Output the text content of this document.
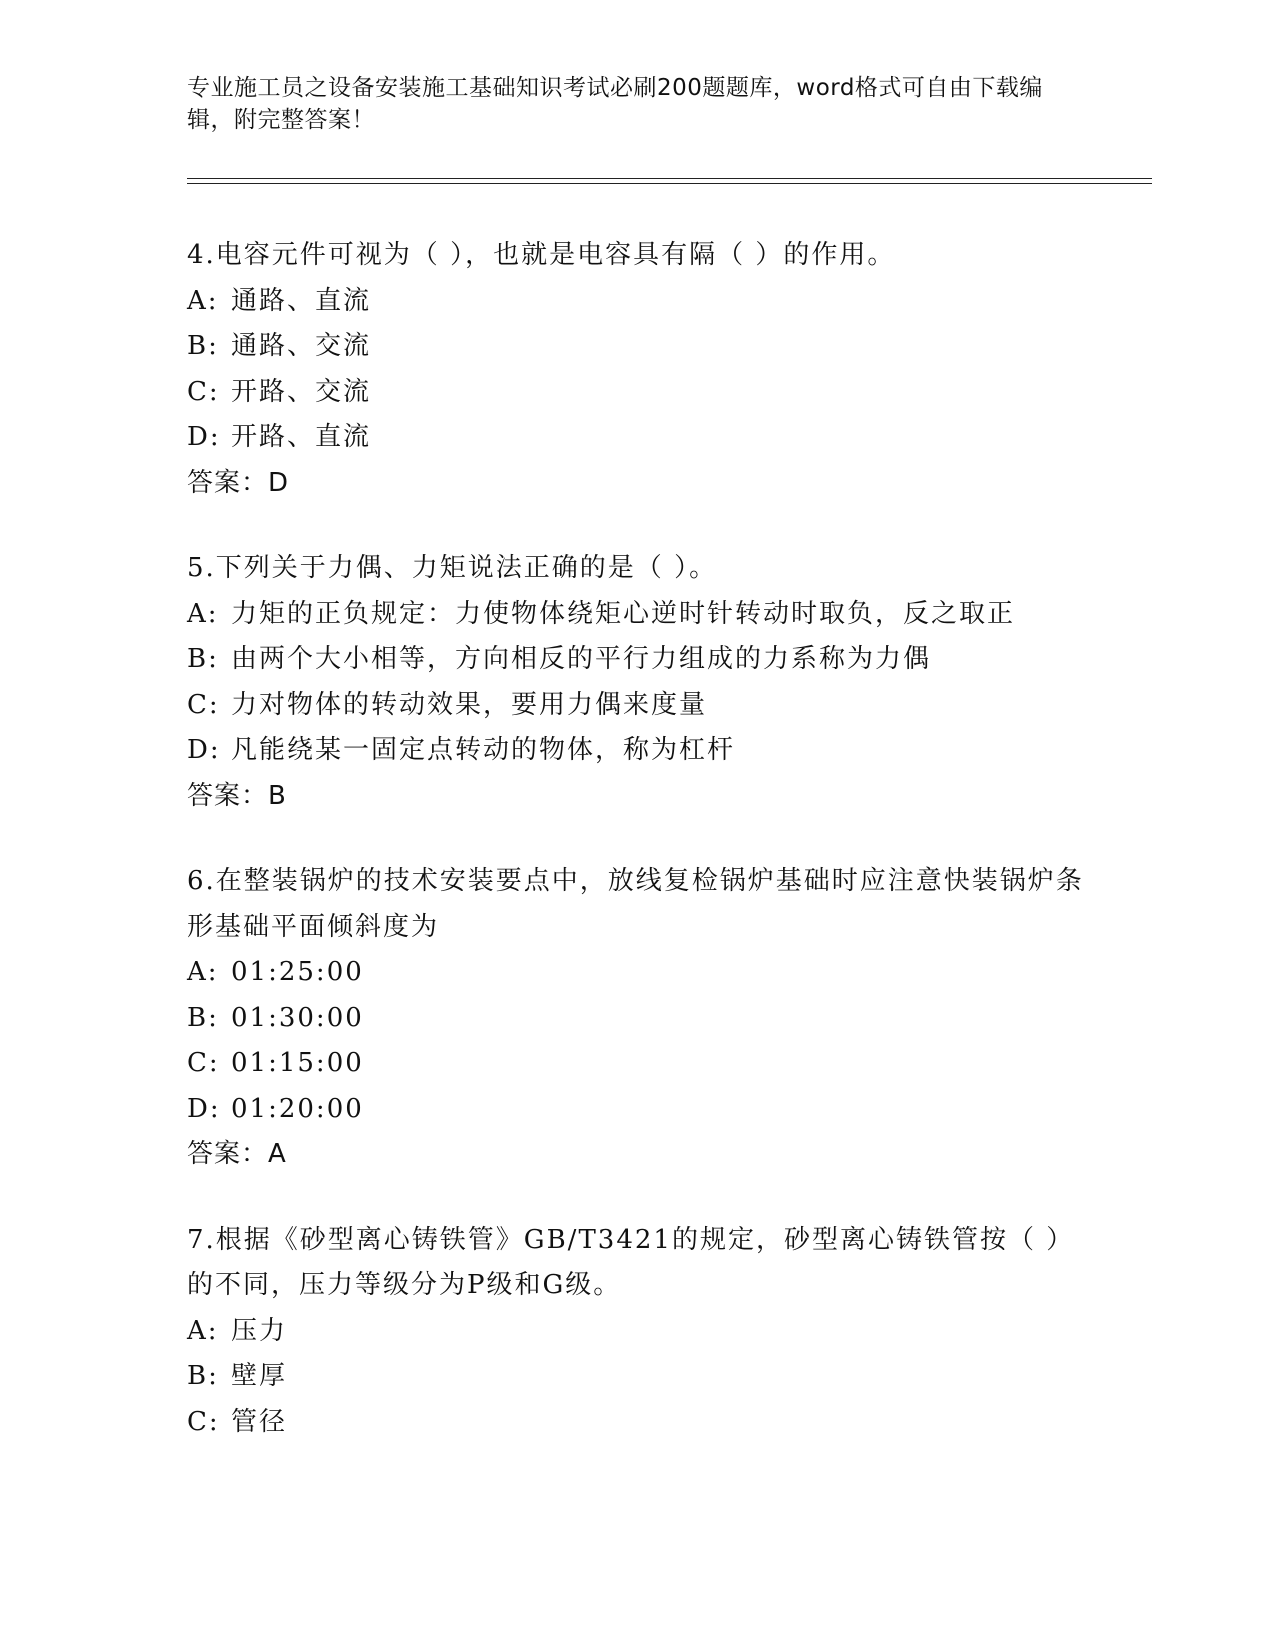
专业施工员之设备安装施工基础知识考试必刷200题题库，word格式可自由下载编辑，附完整答案！
4.电容元件可视为（ ），也就是电容具有隔（ ）的作用。
A: 通路、直流
B: 通路、交流
C: 开路、交流
D: 开路、直流
答案：D
5.下列关于力偶、力矩说法正确的是（ ）。
A: 力矩的正负规定：力使物体绕矩心逆时针转动时取负，反之取正
B: 由两个大小相等，方向相反的平行力组成的力系称为力偶
C: 力对物体的转动效果，要用力偶来度量
D: 凡能绕某一固定点转动的物体，称为杠杆
答案：B
6.在整装锅炉的技术安装要点中，放线复检锅炉基础时应注意快装锅炉条形基础平面倾斜度为
A: 01:25:00
B: 01:30:00
C: 01:15:00
D: 01:20:00
答案：A
7.根据《砂型离心铸铁管》GB/T3421的规定，砂型离心铸铁管按（ ）的不同，压力等级分为P级和G级。
A: 压力
B: 壁厚
C: 管径
